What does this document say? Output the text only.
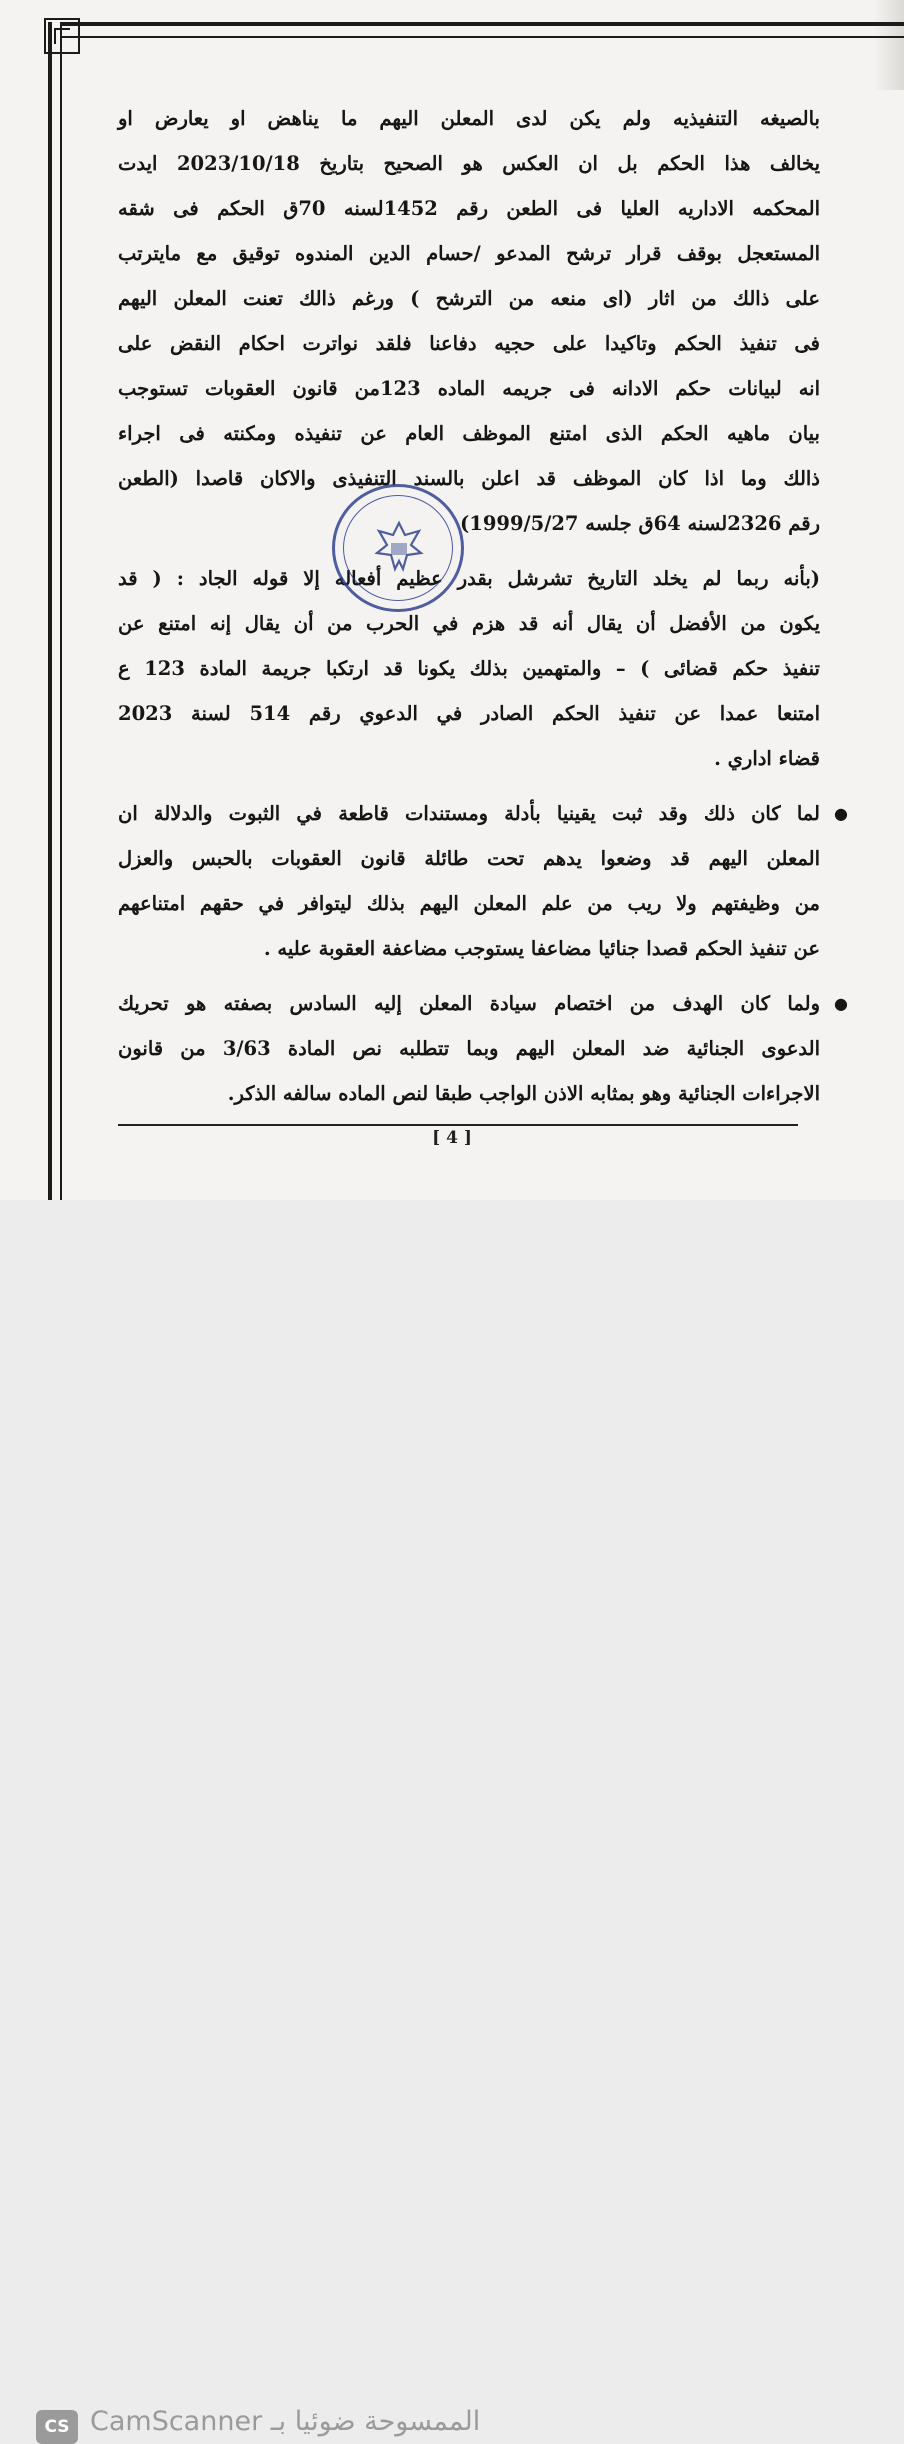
بالصيغه التنفيذيه ولم يكن لدى المعلن اليهم ما يناهض او يعارض او
يخالف هذا الحكم بل ان العكس هو الصحيح بتاريخ 2023/10/18 ايدت
المحكمه الاداريه العليا فى الطعن رقم 1452لسنه 70ق الحكم فى شقه
المستعجل بوقف قرار ترشح المدعو /حسام الدين المندوه توقيق مع مايترتب
على ذالك من اثار (اى منعه من الترشح ) ورغم ذالك تعنت المعلن اليهم
فى تنفيذ الحكم وتاكيدا على حجيه دفاعنا فلقد نواترت احكام النقض على
انه لبيانات حكم الادانه فى جريمه الماده 123من قانون العقوبات تستوجب
بيان ماهيه الحكم الذى امتنع الموظف العام عن تنفيذه ومكنته فى اجراء
ذالك وما اذا كان الموظف قد اعلن بالسند التنفيذى والاكان قاصدا (الطعن
رقم 2326لسنه 64ق جلسه 1999/5/27)
(بأنه ربما لم يخلد التاريخ تشرشل بقدر عظيم أفعاله إلا قوله الجاد : ( قد
يكون من الأفضل أن يقال أنه قد هزم في الحرب من أن يقال إنه امتنع عن
تنفيذ حكم قضائى ) – والمتهمين بذلك يكونا قد ارتكبا جريمة المادة 123 ع
امتنعا عمدا عن تنفيذ الحكم الصادر في الدعوي رقم 514 لسنة 2023
قضاء اداري .
●
لما كان ذلك وقد ثبت يقينيا بأدلة ومستندات قاطعة في الثبوت والدلالة ان
المعلن اليهم قد وضعوا يدهم تحت طائلة قانون العقوبات بالحبس والعزل
من وظيفتهم ولا ريب من علم المعلن اليهم بذلك ليتوافر في حقهم امتناعهم
عن تنفيذ الحكم قصدا جنائيا مضاعفا يستوجب مضاعفة العقوبة عليه .
●
ولما كان الهدف من اختصام سيادة المعلن إليه السادس بصفته هو تحريك
الدعوى الجنائية ضد المعلن اليهم وبما تتطلبه نص المادة 3/63 من قانون
الاجراءات الجنائية وهو بمثابه الاذن الواجب طبقا لنص الماده سالفه الذكر.
[ 4 ]
CS CamScanner الممسوحة ضوئيا بـ
